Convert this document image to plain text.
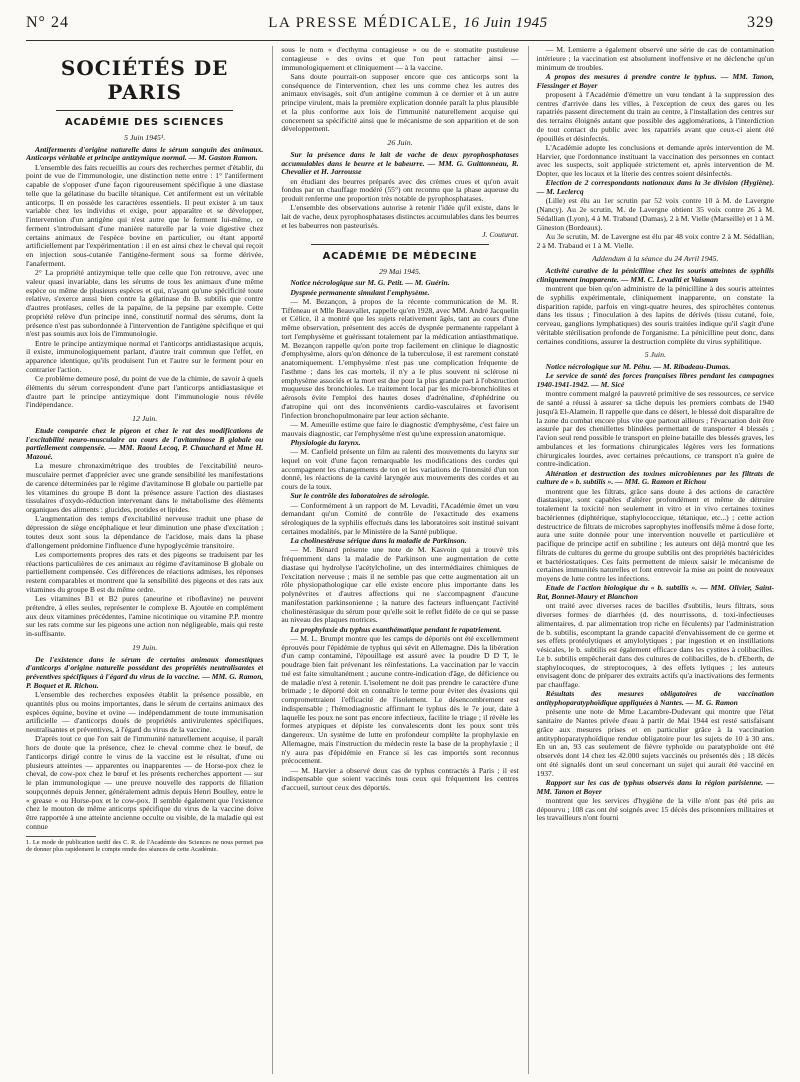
N° 24	LA PRESSE MÉDICALE, 16 Juin 1945	329
SOCIÉTÉS DE PARIS
ACADÉMIE DES SCIENCES
5 Juin 1945¹.

Antiferments d'origine naturelle dans le sérum sanguin des animaux. Anticorps véritable et principe antizymique normal. — M. Gaston Ramon.

L'ensemble des faits recueillis au cours des recherches permet d'établir, du point de vue de l'immunologie, une distinction nette entre : 1° l'antiferment capable de s'opposer d'une façon rigoureusement spécifique à une diastase telle que la gélatinase du bacille tétanique. Cet antiferment est un véritable anticorps. Il en possède les caractères essentiels. Il peut exister à un taux variable chez les individus et exige, pour apparaître et se développer, l'intervention d'un antigène qui n'est autre que le ferment lui-même, ce ferment s'introduisant d'une manière naturelle par la voie digestive chez certains animaux de l'espèce bovine en particulier, ou étant apporté artificiellement par l'expérimentation : il en est ainsi chez le cheval qui reçoit en injection sous-cutanée l'antigène-ferment sous sa forme dérivée, l'anaferment.

2° La propriété antizymique telle que celle que l'on retrouve, avec une valeur quasi invariable, dans les sérums de tous les animaux d'une même espèce ou même de plusieurs espèces et qui, n'ayant qu'une spécificité toute relative, s'exerce aussi bien contre la gélatinase du B. subtilis que contre d'autres protéases, celles de la papaïne, de la pepsine par exemple. Cette propriété relève d'un principe inné, constitutif normal des sérums, dont la présence n'est pas subordonnée à l'intervention de l'antigène spécifique et qui n'est pas soumis aux lois de l'immunologie.

Entre le principe antizymique normal et l'anticorps antidiastasique acquis, il existe, immunologiquement parlant, d'autre trait commun que l'effet, en apparence identique, qu'ils produisent l'un et l'autre sur le ferment pour en contrarier l'action.

Ce problème demeure posé, du point de vue de la chimie, de savoir à quels éléments du sérum correspondent d'une part l'anticorps antidiastasique et d'autre part le principe antizymique dont l'immunologie nous révèle l'indépendance.

12 Juin.

Etude comparée chez le pigeon et chez le rat des modifications de l'excitabilité neuro-musculaire au cours de l'avitaminose B globale ou partiellement compensée. — MM. Raoul Lecoq, P. Chauchard et Mme H. Mazoué.

La mesure chronaximétrique des troubles de l'excitabilité neuro-musculaire permet d'apprécier avec une grande sensibilité les manifestations de carence déterminées par le régime d'avitaminose B globale ou partielle par les vitamines du groupe B dont la présence assure l'action des diastases tissulaires d'oxydo-réduction intervenant dans le métabolisme des éléments organiques des aliments : glucides, protides et lipides.

L'augmentation des temps d'excitabilité nerveuse traduit une phase de dépression de siège encéphalique et leur diminution une phase d'excitation ; toutes deux sont sous la dépendance de l'acidose, mais dans la phase d'allongement prédomine l'influence d'une hypoglycémie transitoire.

Les comportements propres des rats et des pigeons se traduisent par les réactions particulières de ces animaux au régime d'avitaminose B globale ou partiellement compensée. Ces différences de réactions admises, les réponses restent comparables et montrent que la sensibilité des pigeons et des rats aux vitamines du groupe B est du même ordre.

Les vitamines B1 et B2 pures (aneurine et riboflavine) ne peuvent prétendre, à elles seules, représenter le complexe B. Ajoutée en complément aux deux vitamines précédentes, l'amine nicotinique ou vitamine P.P. montre sur les rats comme sur les pigeons une action non négligeable, mais qui reste in-suffisante.

19 Juin.

De l'existence dans le sérum de certains animaux domestiques d'anticorps d'origine naturelle possédant des propriétés neutralisantes et préventives spécifiques à l'égard du virus de la vaccine. — MM. G. Ramon, P. Boquet et R. Richou.

L'ensemble des recherches exposées établit la présence possible, en quantités plus ou moins importantes, dans le sérum de certains animaux des espèces équine, bovine et ovine — indépendamment de toute immunisation artificielle — d'anticorps doués de propriétés antivirulentes spécifiques, neutralisantes et préventives, à l'égard du virus de la vaccine.

D'après tout ce que l'on sait de l'immunité naturellement acquise, il paraît hors de doute que la présence, chez le cheval comme chez le bœuf, de l'anticorps dirigé contre le virus de la vaccine est le résultat, d'une ou plusieurs atteintes — apparentes ou inapparentes — de Horse-pox chez le cheval, de cow-pox chez le bœuf et les présents recherches apportent — sur le plan immunologique — une preuve nouvelle des rapports de filiation soupçonnés depuis Jenner, généralement admis depuis Henri Boulley, entre le « grease » ou Horse-pox et le cow-pox. Il semble également que l'existence chez le mouton de même anticorps spécifique du virus de la vaccine doive être rapportée à une atteinte ancienne occulte ou visible, de la maladie qui est connue

1. Le mode de publication tardif des C. R. de l'Académie des Sciences ne nous permet pas de donner plus rapidement le compte rendu des séances de cette Académie.

sous le nom « d'ecthyma contagieuse » ou de « stomatite pustuleuse contagieuse » des ovins et que l'on peut rattacher ainsi — immunologiquement et cliniquement — à la vaccine.

Sans doute pourrait-on supposer encore que ces anticorps sont la conséquence de l'intervention, chez les uns comme chez les autres des animaux envisagés, soit d'un antigène commun à ce dernier et à un autre principe virulent, mais la première explication donnée paraît la plus plausible et la plus conforme aux lois de l'immunité naturellement acquise qui concernent sa spécificité ainsi que le mécanisme de son apparition et de son développement.

26 Juin.

Sur la présence dans le lait de vache de deux pyrophosphatases accumulables dans le beurre et le babeurre. — MM. G. Guittonneau, R. Chevalier et H. Jarrousse

en étudiant des beurres préparés avec des crèmes crues et qu'on avait fondus par un chauffage modéré (55°) ont reconnu que la phase aqueuse du produit renferme une proportion très notable de pyrophosphatases.

L'ensemble des observations autorise à retenir l'idée qu'il existe, dans le lait de vache, deux pyrophosphatases distinctes accumulables dans les beurres et les babeurres non pasteurisés.

J. Couturat.

ACADÉMIE DE MÉDECINE
29 Mai 1945.

Notice nécrologique sur M. G. Petit. — M. Guérin.

Dyspnée permanente simulant l'emphysème.

— M. Bezançon, à propos de la récente communication de M. R. Tiffeneau et Mlle Beauvallet, rappelle qu'en 1928, avec MM. André Jacquelin et Célice, il a montré que les sujets relativement âgés, tant au cours d'une même observation, présentent des accès de dyspnée permanente rappelant à tort l'emphysème et guérissant totalement par la médication antiasthmatique. M. Bezançon rappelle qu'on porte trop facilement en clinique le diagnostic d'emphysème, alors qu'on dénonce de la tuberculose, il est rarement constaté anatomiquement. L'emphysème n'est pas une complication fréquente de l'asthme ; dans les cas mortels, il n'y a le plus souvent ni sclérose ni emphysème associés et la mort est due pour la plus grande part à l'obstruction muqueuse des bronchioles. Le traitement local par les micro-bronchiolites et aérosols évite l'emploi des hautes doses d'adrénaline, d'éphédrine ou d'atropine qui ont des inconvénients cardio-vasculaires et favorisent l'infection bronchopulmonaire par leur action séchante.

— M. Ameuille estime que faire le diagnostic d'emphysème, c'est faire un mauvais diagnostic, car l'emphysème n'est qu'une expression anatomique.

Physiologie du larynx.

— M. Canfield présente un film au ralenti des mouvements du larynx sur lequel on voit d'une façon remarquable les modifications des cordes qui accompagnent les changements de ton et les variations de l'intensité d'un ton donné, les réactions de la cavité laryngée aux mouvements des cordes et au cours de la toux.

Sur le contrôle des laboratoires de sérologie.

— Conformément à un rapport de M. Levaditi, l'Académie émet un vœu demandant qu'un Comité de contrôle de l'exactitude des examens sérologiques de la syphilis effectués dans les laboratoires soit institué suivant certaines modalités, par le Ministère de la Santé publique.

La cholinestérase sérique dans la maladie de Parkinson.

— M. Bénard présente une note de M. Kasvoin qui a trouvé très fréquemment dans la maladie de Parkinson une augmentation de cette diastase qui hydrolyse l'acétylcholine, un des intermédiaires chimiques de l'excitation nerveuse ; mais il ne semble pas que cette augmentation ait un rôle physiopathologique car elle existe encore plus importante dans les polynévrites et d'autres affections qui ne s'accompagnent d'aucune manifestation parkinsonienne ; la nature des facteurs influençant l'activité cholinestérasique du sérum pour qu'elle soit le reflet fidèle de ce qui se passe au niveau des plaques motrices.

La prophylaxie du typhus exanthématique pendant le rapatriement.

— M. L. Brumpt montre que les camps de déportés ont été excellemment éprouvés pour l'épidémie de typhus qui sévit en Allemagne. Dès la libération d'un camp contaminé, l'épouillage est assuré avec la poudre D D T, le poudrage bien fait prévenant les réinfestations. La vaccination par le vaccin tué est faite simultanément ; aucune contre-indication d'âge, de déficience ou de maladie n'est à retenir. L'isolement ne doit pas prendre le caractère d'une brimade ; le déporté doit en connaître le terme pour éviter des évasions qui compromettraient l'efficacité de l'isolement. Le désencombrement est indispensable ; l'hémodiagnostic affirmant le typhus dès le 7e jour, date à laquelle les poux ne sont pas encore infectieux, facilite le triage ; il révèle les formes atypiques et dépiste les convalescents dont les poux sont très dangereux. Un système de lutte en profondeur complète la prophylaxie en Allemagne, mais l'instruction du médecin reste la base de la prophylaxie ; il n'y aura pas d'épidémie en France si les cas importés sont reconnus précocement.

— M. Harvier a observé deux cas de typhus contractés à Paris ; il est indispensable que soient vaccinés tous ceux qui fréquentent les centres d'accueil, surtout ceux des déportés.

— M. Lemierre a également observé une série de cas de contamination intérieure ; la vaccination est absolument inoffensive et ne déclenche qu'un minimum de troubles.

A propos des mesures à prendre contre le typhus. — MM. Tanon, Fiessinger et Boyer

proposent à l'Académie d'émettre un vœu tendant à la suppression des centres d'arrivée dans les villes, à l'exception de ceux des gares ou les rapatriés passent directement du train au centre, à l'installation des centres sur des terrains éloignés autant que possible des agglomérations, à l'interdiction de tout contact du public avec les rapatriés avant que ceux-ci aient été épouillés et désinfectés.

L'Académie adopte les conclusions et demande après intervention de M. Harvier, que l'ordonnance instituant la vaccination des personnes en contact avec les suspects, soit appliquée strictement et, après intervention de M. Dopter, que les locaux et la literie des centres soient désinfectés.

Election de 2 correspondants nationaux dans la 3e division (Hygiène). — M. Leclercq

(Lille) est élu au 1er scrutin par 52 voix contre 10 à M. de Lavergne (Nancy). Au 2e scrutin, M. de Lavergne obtient 35 voix contre 26 à M. Sédallian (Lyon), 4 à M. Trabaud (Damas), 2 à M. Vielle (Marseille) et 1 à M. Gineston (Bordeaux).

Au 3e scrutin, M. de Lavergne est élu par 48 voix contre 2 à M. Sédallian, 2 à M. Trabaud et 1 à M. Vielle.

Addendum à la séance du 24 Avril 1945.

Activité curative de la pénicilline chez les souris atteintes de syphilis cliniquement inapparente. — MM. C. Levaditi et Vaisman

montrent que bien qu'on administre de la pénicilline à des souris atteintes de syphilis expérimentale, cliniquement inapparente, on constate la disparition rapide, parfois en vingt-quatre heures, des spirochètes contenus dans les tissus ; l'inoculation à des lapins de dérivés (tissu cutané, foie, cerveau, ganglions lymphatiques) des souris traitées indique qu'il s'agit d'une véritable stérilisation profonde de l'organisme. La pénicilline peut donc, dans certaines conditions, assurer la destruction complète du virus syphilitique.

5 Juin.

Notice nécrologique sur M. Péhu. — M. Ribadeau-Dumas.

Le service de santé des forces françaises libres pendant les campagnes 1940-1941-1942. — M. Sicé

montre comment malgré la pauvreté primitive de ses ressources, ce service de santé a réussi à assurer sa tâche depuis les premiers combats de 1940 jusqu'à El-Alamein. Il rappelle que dans ce désert, le blessé doit disparaître de la zone du combat encore plus vite que partout ailleurs ; l'évacuation doit être assurée par des chenillettes blindées permettant de transporter 4 blessés ; l'avion seul rend possible le transport en pleine bataille des blessés graves, les ambulances et les formations chirurgicales légères vers les formations chirurgicales lourdes, avec certaines précautions, ce transport n'a guère de contre-indication.

Altération et destruction des toxines microbiennes par les filtrats de culture de « b. subtilis ». — MM. G. Ramon et Richou

montrent que les filtrats, grâce sans doute à des actions de caractère diastasique, sont capables d'altérer profondément et même de détruire totalement la toxicité non seulement in vitro et in vivo certaines toxines bactériennes (diphtérique, staphylococcique, tétanique, etc...) ; cette action destructrice de filtrats de microbes saprophytes inoffensifs même à dose forte, aura une suite donnée pour une intervention nouvelle et particulière et pacifique de principe actif en subtiline ; les auteurs ont déjà montré que les filtrats de cultures du germe du groupe subtilis ont des propriétés bactéricides et bactériostatiques. Ces faits permettent de mieux saisir le mécanisme de certaines immunités naturelles et font entrevoir la mise au point de nouveaux moyens de lutte contre les infections.

Etude de l'action biologique du « b. subtilis ». — MM. Olivier, Saint-Rat, Bonnet-Maury et Blanchon

ont traité avec diverses races de bacilles d'subtilis, leurs filtrats, sous diverses formes de diarrhées (d. des nourrissons, d. toxi-infectieuses alimentaires, d. par alimentation trop riche en féculents) par l'administration de b. subtilis, escomptant la grande capacité d'envahissement de ce germe et ses effets protéolytiques et amylolytiques ; par ingestion et en instillations vésicales, le b. subtilis est également efficace dans les cystites à colibacilles. Le b. subtilis empêcherait dans des cultures de colibacilles, de b. d'Eberth, de staphylocoques, de streptocoques, à des effets lytiques ; les auteurs envisagent donc de préparer des extraits actifs qu'a inactivations des ferments par chauffage.

Résultats des mesures obligatoires de vaccination antityphoparatyphoïdique appliquées à Nantes. — M. G. Ramon

présente une note de Mme Lacambre-Dudevant qui montre que l'état sanitaire de Nantes privée d'eau à partir de Mai 1944 est resté satisfaisant grâce aux mesures prises et en particulier grâce à la vaccination antityphoparatyphoïdique rendue obligatoire pour les sujets de 10 à 30 ans. En un an, 93 cas seulement de fièvre typhoïde ou paratyphoïde ont été observés dont 14 chez les 42.000 sujets vaccinés ou présentés dès ; 18 décès ont été signalés dont un seul concernant un sujet qui aurait été vacciné en 1937.

Rapport sur les cas de typhus observés dans la région parisienne. — MM. Tanon et Boyer

montrent que les services d'hygiène de la ville n'ont pas été pris au dépourvu ; 108 cas ont été soignés avec 15 décès des prisonniers militaires et les travailleurs n'ont fourni
